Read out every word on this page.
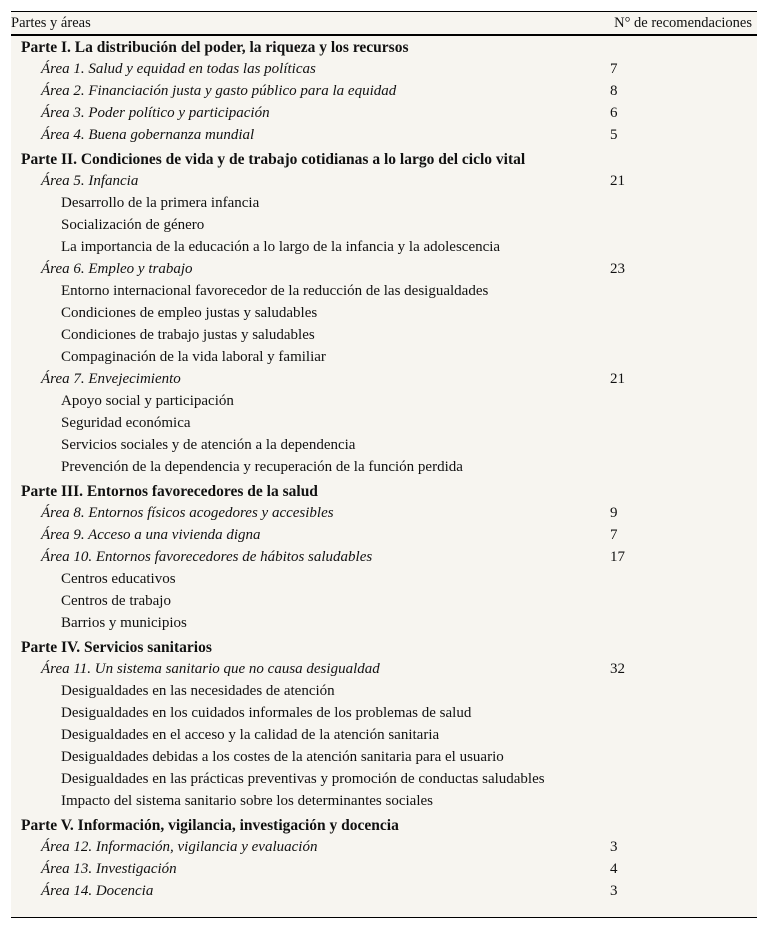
Partes y áreas	N° de recomendaciones
Parte I. La distribución del poder, la riqueza y los recursos
Área 1. Salud y equidad en todas las políticas	7
Área 2. Financiación justa y gasto público para la equidad	8
Área 3. Poder político y participación	6
Área 4. Buena gobernanza mundial	5
Parte II. Condiciones de vida y de trabajo cotidianas a lo largo del ciclo vital
Área 5. Infancia	21
Desarrollo de la primera infancia
Socialización de género
La importancia de la educación a lo largo de la infancia y la adolescencia
Área 6. Empleo y trabajo	23
Entorno internacional favorecedor de la reducción de las desigualdades
Condiciones de empleo justas y saludables
Condiciones de trabajo justas y saludables
Compaginación de la vida laboral y familiar
Área 7. Envejecimiento	21
Apoyo social y participación
Seguridad económica
Servicios sociales y de atención a la dependencia
Prevención de la dependencia y recuperación de la función perdida
Parte III. Entornos favorecedores de la salud
Área 8. Entornos físicos acogedores y accesibles	9
Área 9. Acceso a una vivienda digna	7
Área 10. Entornos favorecedores de hábitos saludables	17
Centros educativos
Centros de trabajo
Barrios y municipios
Parte IV. Servicios sanitarios
Área 11. Un sistema sanitario que no causa desigualdad	32
Desigualdades en las necesidades de atención
Desigualdades en los cuidados informales de los problemas de salud
Desigualdades en el acceso y la calidad de la atención sanitaria
Desigualdades debidas a los costes de la atención sanitaria para el usuario
Desigualdades en las prácticas preventivas y promoción de conductas saludables
Impacto del sistema sanitario sobre los determinantes sociales
Parte V. Información, vigilancia, investigación y docencia
Área 12. Información, vigilancia y evaluación	3
Área 13. Investigación	4
Área 14. Docencia	3
